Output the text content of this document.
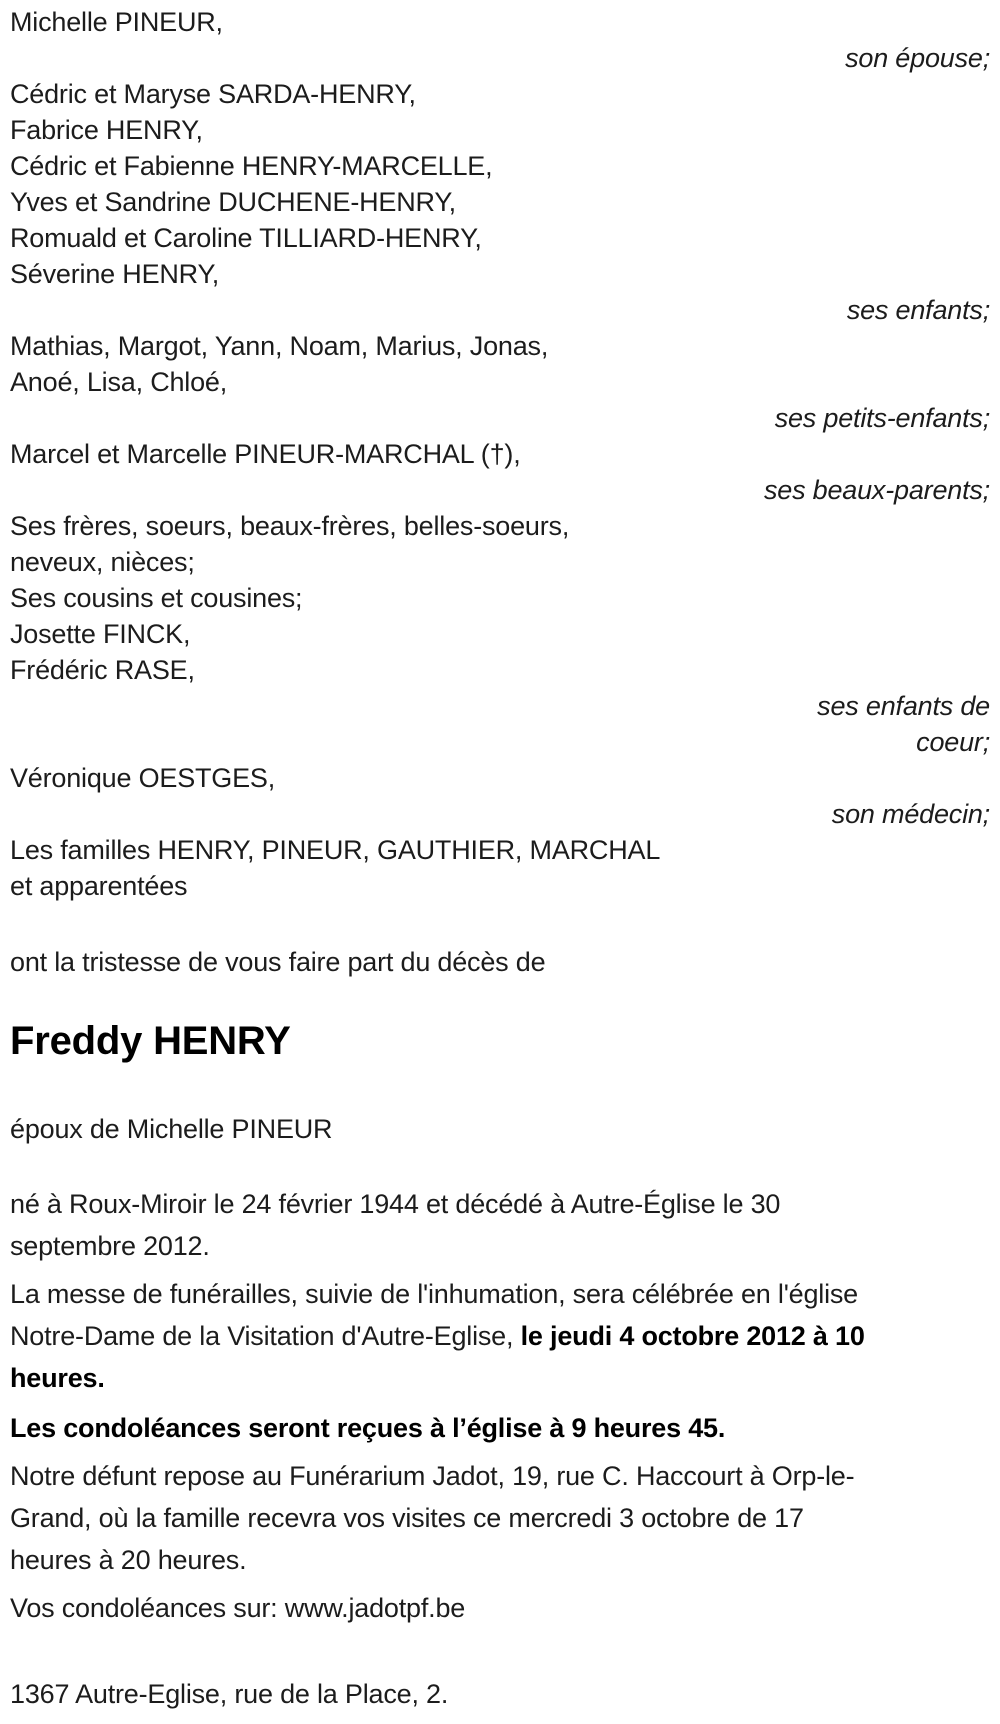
Michelle PINEUR,
son épouse;
Cédric et Maryse SARDA-HENRY,
Fabrice HENRY,
Cédric et Fabienne HENRY-MARCELLE,
Yves et Sandrine DUCHENE-HENRY,
Romuald et Caroline TILLIARD-HENRY,
Séverine HENRY,
ses enfants;
Mathias, Margot, Yann, Noam, Marius, Jonas,
Anoé, Lisa, Chloé,
ses petits-enfants;
Marcel et Marcelle PINEUR-MARCHAL (†),
ses beaux-parents;
Ses frères, soeurs, beaux-frères, belles-soeurs,
neveux, nièces;
Ses cousins et cousines;
Josette FINCK,
Frédéric RASE,
ses enfants de coeur;
Véronique OESTGES,
son médecin;
Les familles HENRY, PINEUR, GAUTHIER, MARCHAL
et apparentées
ont la tristesse de vous faire part du décès de
Freddy HENRY
époux de Michelle PINEUR
né à Roux-Miroir le 24 février 1944 et décédé à Autre-Église le 30
septembre 2012.
La messe de funérailles, suivie de l'inhumation, sera célébrée en l'église
Notre-Dame de la Visitation d'Autre-Eglise, le jeudi 4 octobre 2012 à 10
heures.
Les condoléances seront reçues à l’église à 9 heures 45.
Notre défunt repose au Funérarium Jadot, 19, rue C. Haccourt à Orp-le-
Grand, où la famille recevra vos visites ce mercredi 3 octobre de 17
heures à 20 heures.
Vos condoléances sur: www.jadotpf.be
1367 Autre-Eglise, rue de la Place, 2.
